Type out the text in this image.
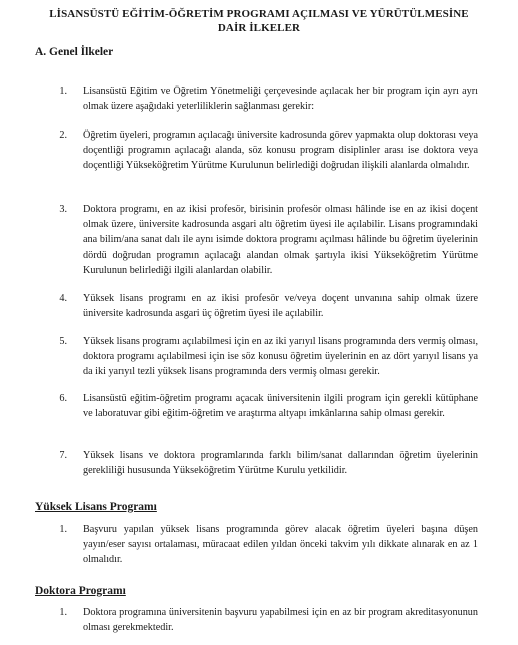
LİSANSÜSTÜ EĞİTİM-ÖĞRETİM PROGRAMI AÇILMASI VE YÜRÜTÜLMESİNE
DAİR İLKELER
A. Genel İlkeler
1. Lisansüstü Eğitim ve Öğretim Yönetmeliği çerçevesinde açılacak her bir program için ayrı ayrı olmak üzere aşağıdaki yeterliliklerin sağlanması gerekir:
2. Öğretim üyeleri, programın açılacağı üniversite kadrosunda görev yapmakta olup doktorası veya doçentliği programın açılacağı alanda, söz konusu program disiplinler arası ise doktora veya doçentliği Yükseköğretim Yürütme Kurulunun belirlediği doğrudan ilişkili alanlarda olmalıdır.
3. Doktora programı, en az ikisi profesör, birisinin profesör olması hâlinde ise en az ikisi doçent olmak üzere, üniversite kadrosunda asgari altı öğretim üyesi ile açılabilir. Lisans programındaki ana bilim/ana sanat dalı ile aynı isimde doktora programı açılması hâlinde bu öğretim üyelerinin dördü doğrudan programın açılacağı alandan olmak şartıyla ikisi Yükseköğretim Yürütme Kurulunun belirlediği ilgili alanlardan olabilir.
4. Yüksek lisans programı en az ikisi profesör ve/veya doçent unvanına sahip olmak üzere üniversite kadrosunda asgari üç öğretim üyesi ile açılabilir.
5. Yüksek lisans programı açılabilmesi için en az iki yarıyıl lisans programında ders vermiş olması, doktora programı açılabilmesi için ise söz konusu öğretim üyelerinin en az dört yarıyıl lisans ya da iki yarıyıl tezli yüksek lisans programında ders vermiş olması gerekir.
6. Lisansüstü eğitim-öğretim programı açacak üniversitenin ilgili program için gerekli kütüphane ve laboratuvar gibi eğitim-öğretim ve araştırma altyapı imkânlarına sahip olması gerekir.
7. Yüksek lisans ve doktora programlarında farklı bilim/sanat dallarından öğretim üyelerinin gerekliliği hususunda Yükseköğretim Yürütme Kurulu yetkilidir.
Yüksek Lisans Programı
1. Başvuru yapılan yüksek lisans programında görev alacak öğretim üyeleri başına düşen yayın/eser sayısı ortalaması, müracaat edilen yıldan önceki takvim yılı dikkate alınarak en az 1 olmalıdır.
Doktora Programı
1. Doktora programına üniversitenin başvuru yapabilmesi için en az bir program akreditasyonunun olması gerekmektedir.
